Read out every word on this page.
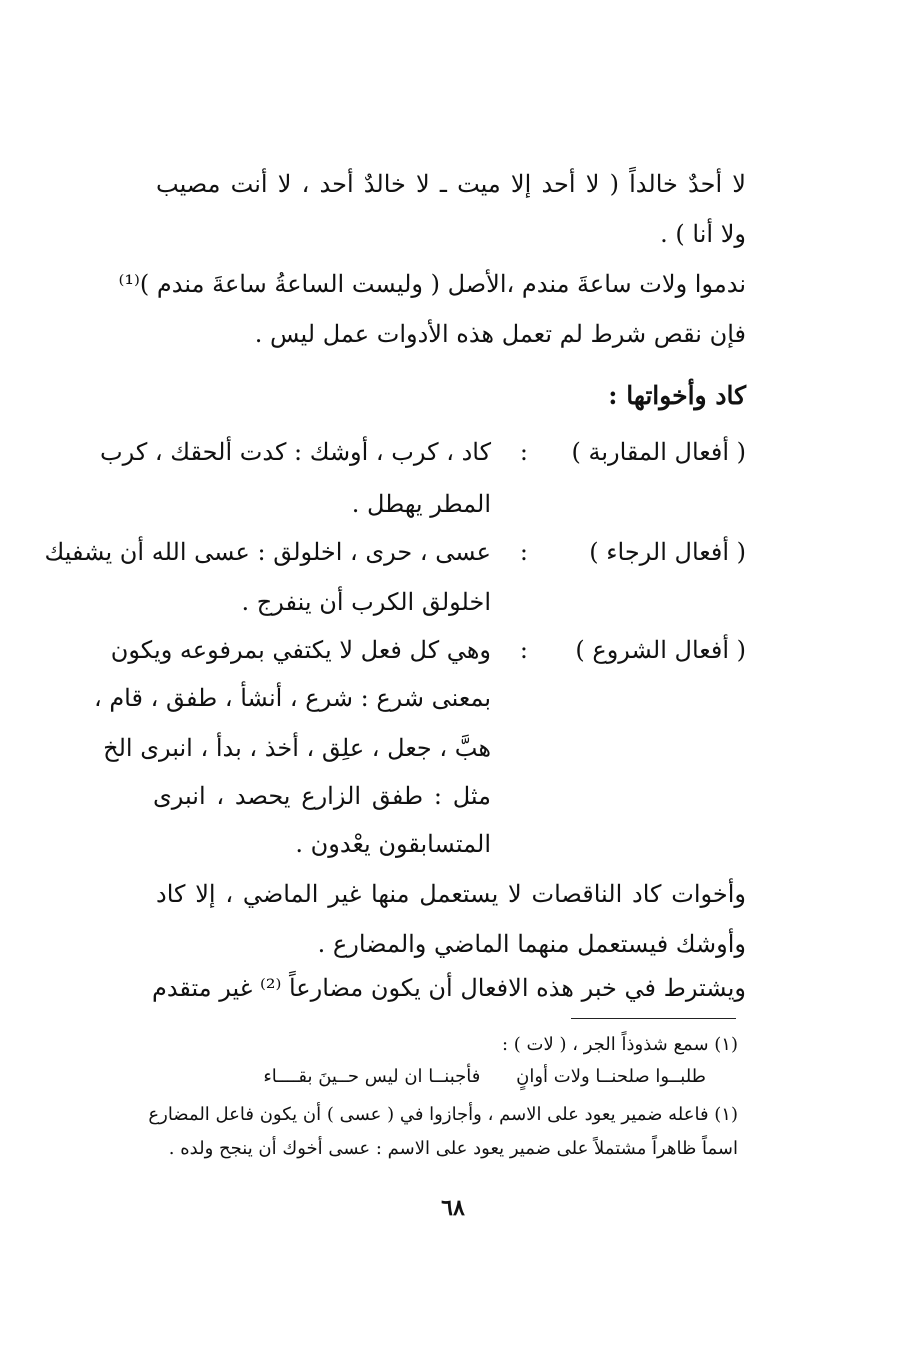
لا أحدٌ خالداً ( لا أحد إلا ميت ـ لا خالدٌ أحد ، لا أنت مصيب
ولا أنا ) .
ندموا ولات ساعةَ مندم ،الأصل ( وليست الساعةُ ساعةَ مندم )⁽¹⁾
فإن نقص شرط لم تعمل هذه الأدوات عمل ليس .
كاد وأخواتها :
( أفعال المقاربة )
:
كاد ، كرب ، أوشك : كدت ألحقك ، كرب
المطر يهطل .
( أفعال الرجاء )
:
عسى ، حرى ، اخلولق : عسى الله أن يشفيك
اخلولق الكرب أن ينفرج .
( أفعال الشروع )
:
وهي كل فعل لا يكتفي بمرفوعه ويكون
بمعنى شرع : شرع ، أنشأ ، طفق ، قام ،
هبَّ ، جعل ، علِق ، أخذ ، بدأ ، انبرى الخ
مثل : طفق الزارع يحصد ، انبرى
المتسابقون يعْدون .
وأخوات كاد الناقصات لا يستعمل منها غير الماضي ، إلا كاد
وأوشك فيستعمل منهما الماضي والمضارع .
ويشترط في خبر هذه الافعال أن يكون مضارعاً ⁽²⁾ غير متقدم
(١) سمع شذوذاً الجر ، ( لات ) :
طلبــوا صلحنــا ولات أوانٍ فأجبنــا ان ليس حــينَ بقــــاء
(١) فاعله ضمير يعود على الاسم ، وأجازوا في ( عسى ) أن يكون فاعل المضارع
اسماً ظاهراً مشتملاً على ضمير يعود على الاسم : عسى أخوك أن ينجح ولده .
٦٨
